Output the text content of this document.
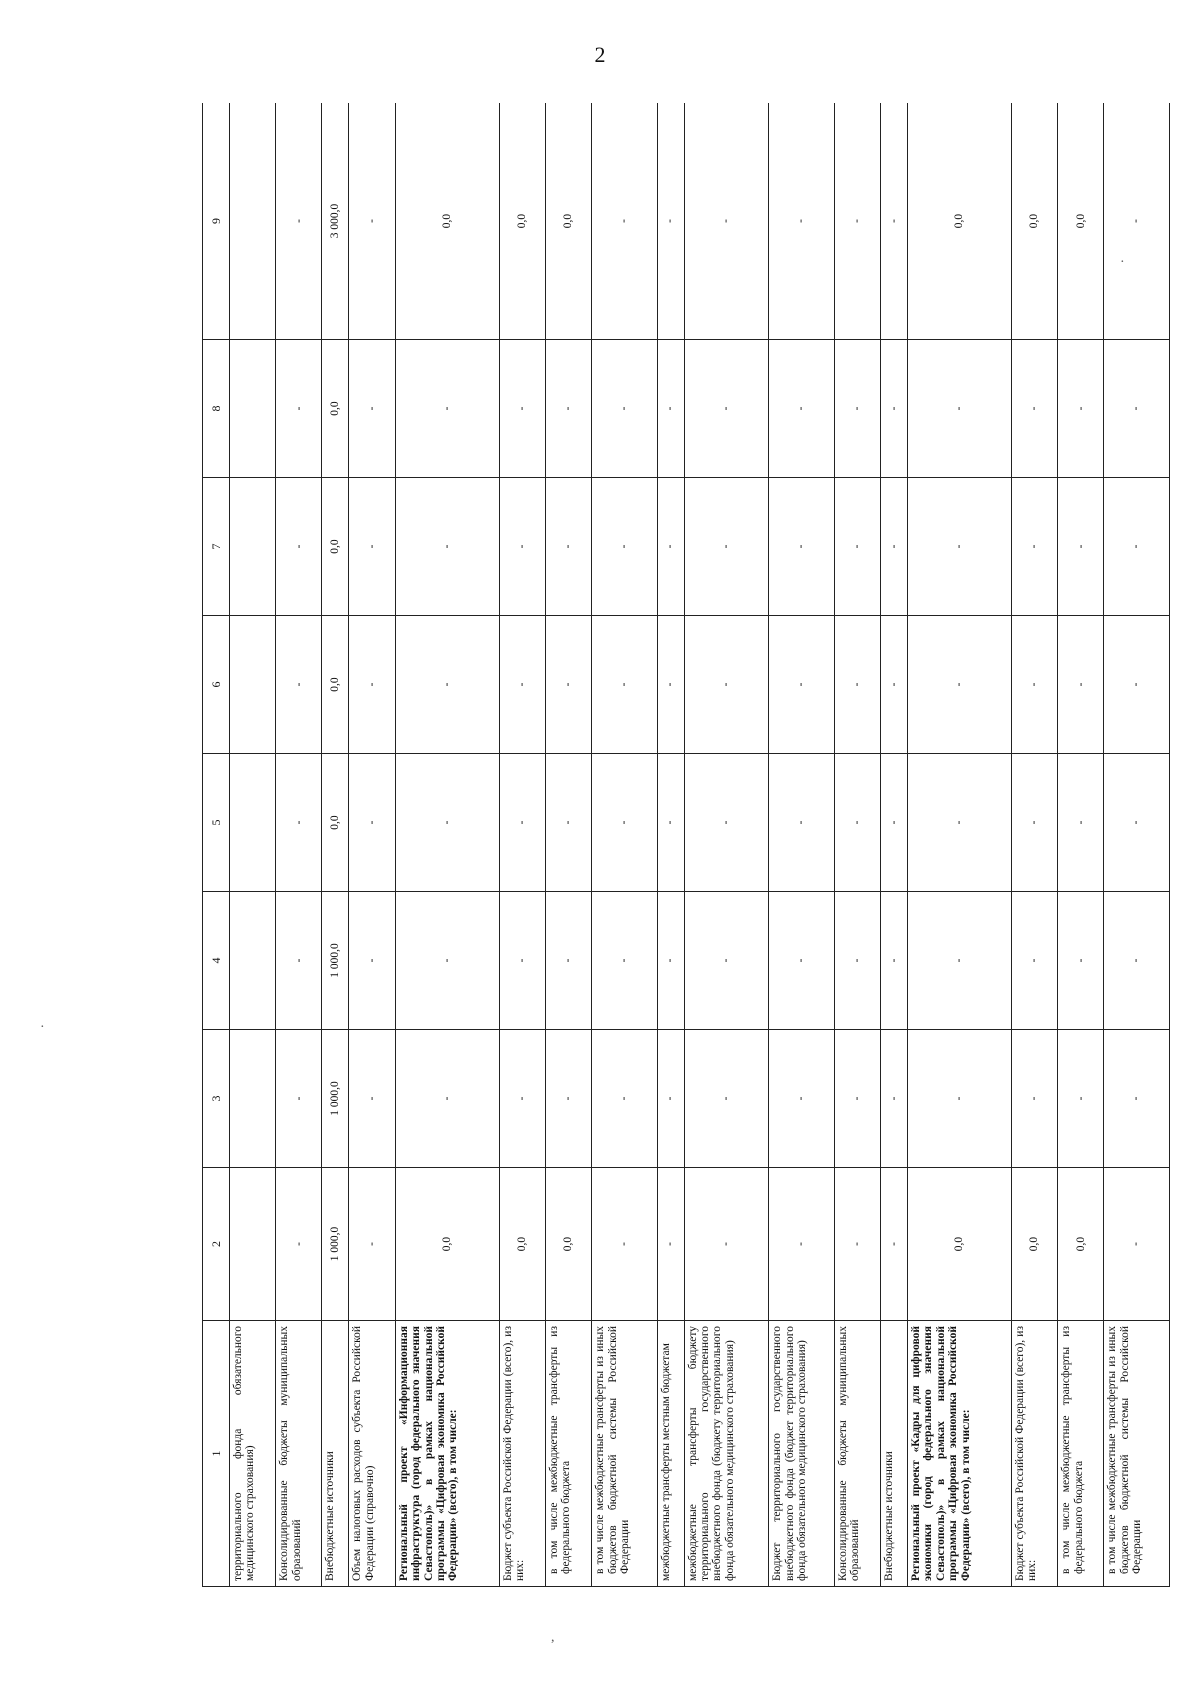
2
·
·
,
1	2	3	4	5	6	7	8	9
территориального фонда обязательного медицинского страхования)								
Консолидированные бюджеты муниципальных образований	-	-	-	-	-	-	-	-
Внебюджетные источники	1 000,0	1 000,0	1 000,0	0,0	0,0	0,0	0,0	3 000,0
Объем налоговых расходов субъекта Российской Федерации (справочно)	-	-	-	-	-	-	-	-
Региональный проект «Информационная инфраструктура (город федерального значения Севастополь)» в рамках национальной программы «Цифровая экономика Российской Федерации» (всего), в том числе:	0,0	-	-	-	-	-	-	0,0
Бюджет субъекта Российской Федерации (всего), из них:	0,0	-	-	-	-	-	-	0,0
в том числе межбюджетные трансферты из федерального бюджета	0,0	-	-	-	-	-	-	0,0
в том числе межбюджетные трансферты из иных бюджетов бюджетной системы Российской Федерации	-	-	-	-	-	-	-	-
межбюджетные трансферты местным бюджетам	-	-	-	-	-	-	-	-
межбюджетные трансферты бюджету территориального государственного внебюджетного фонда (бюджету территориального фонда обязательного медицинского страхования)	-	-	-	-	-	-	-	-
Бюджет территориального государственного внебюджетного фонда (бюджет территориального фонда обязательного медицинского страхования)	-	-	-	-	-	-	-	-
Консолидированные бюджеты муниципальных образований	-	-	-	-	-	-	-	-
Внебюджетные источники	-	-	-	-	-	-	-	-
Региональный проект «Кадры для цифровой экономики (город федерального значения Севастополь)» в рамках национальной программы «Цифровая экономика Российской Федерации» (всего), в том числе:	0,0	-	-	-	-	-	-	0,0
Бюджет субъекта Российской Федерации (всего), из них:	0,0	-	-	-	-	-	-	0,0
в том числе межбюджетные трансферты из федерального бюджета	0,0	-	-	-	-	-	-	0,0
в том числе межбюджетные трансферты из иных бюджетов бюджетной системы Российской Федерации	-	-	-	-	-	-	-	-
